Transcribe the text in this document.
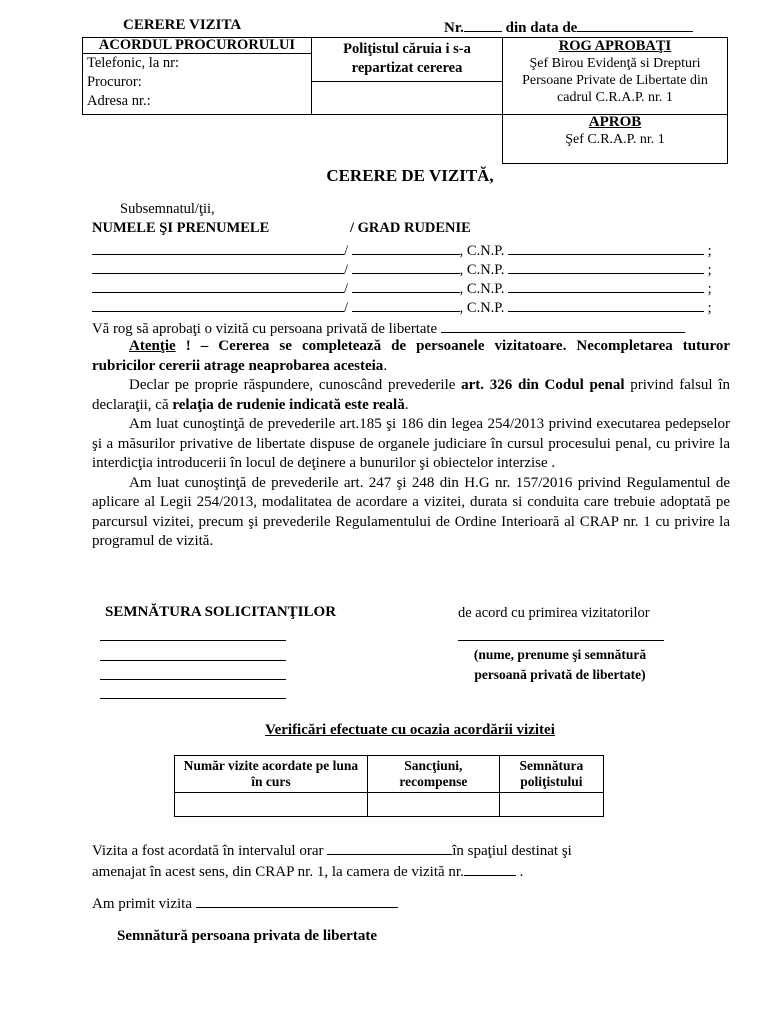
CERERE VIZITA	Nr.	din data de
ACORDUL PROCURORULUI
Telefonic, la nr:
Procuror:
Adresa nr.:

Poliţistul căruia i s-a repartizat cererea

ROG APROBAŢI
Şef Birou Evidenţă si Drepturi Persoane Private de Libertate din cadrul C.R.A.P. nr. 1

APROB
Şef C.R.A.P. nr. 1
CERERE DE VIZITĂ,
Subsemnatul/ţii,
NUMELE ŞI PRENUMELE	/ GRAD RUDENIE
/	, C.N.P.	;
/	, C.N.P.	;
/	, C.N.P.	;
/	, C.N.P.	;
Vă rog să aprobaţi o vizită cu persoana privată de libertate
Atenţie ! – Cererea se completează de persoanele vizitatoare. Necompletarea tuturor rubricilor cererii atrage neaprobarea acesteia.
Declar pe proprie răspundere, cunoscând prevederile art. 326 din Codul penal privind falsul în declaraţii, că relaţia de rudenie indicată este reală.
Am luat cunoştinţă de prevederile art.185 şi 186 din legea 254/2013 privind executarea pedepselor şi a măsurilor privative de libertate dispuse de organele judiciare în cursul procesului penal, cu privire la interdicţia introducerii în locul de deţinere a bunurilor şi obiectelor interzise .
Am luat cunoştinţă de prevederile art. 247 şi 248 din H.G nr. 157/2016 privind Regulamentul de aplicare al Legii 254/2013, modalitatea de acordare a vizitei, durata si conduita care trebuie adoptată pe parcursul vizitei, precum şi prevederile Regulamentului de Ordine Interioară al CRAP nr. 1 cu privire la programul de vizită.
SEMNĂTURA SOLICITANŢILOR	de acord cu primirea vizitatorilor
(nume, prenume şi semnătură
persoană privată de libertate)
Verificări efectuate cu ocazia acordării vizitei
Număr vizite acordate pe luna în curs	Sancţiuni, recompense	Semnătura poliţistului

Vizita a fost acordată în intervalul orar	în spaţiul destinat şi
amenajat în acest sens, din CRAP nr. 1, la camera de vizită nr.	.
Am primit vizita
Semnătură persoana privata de libertate
